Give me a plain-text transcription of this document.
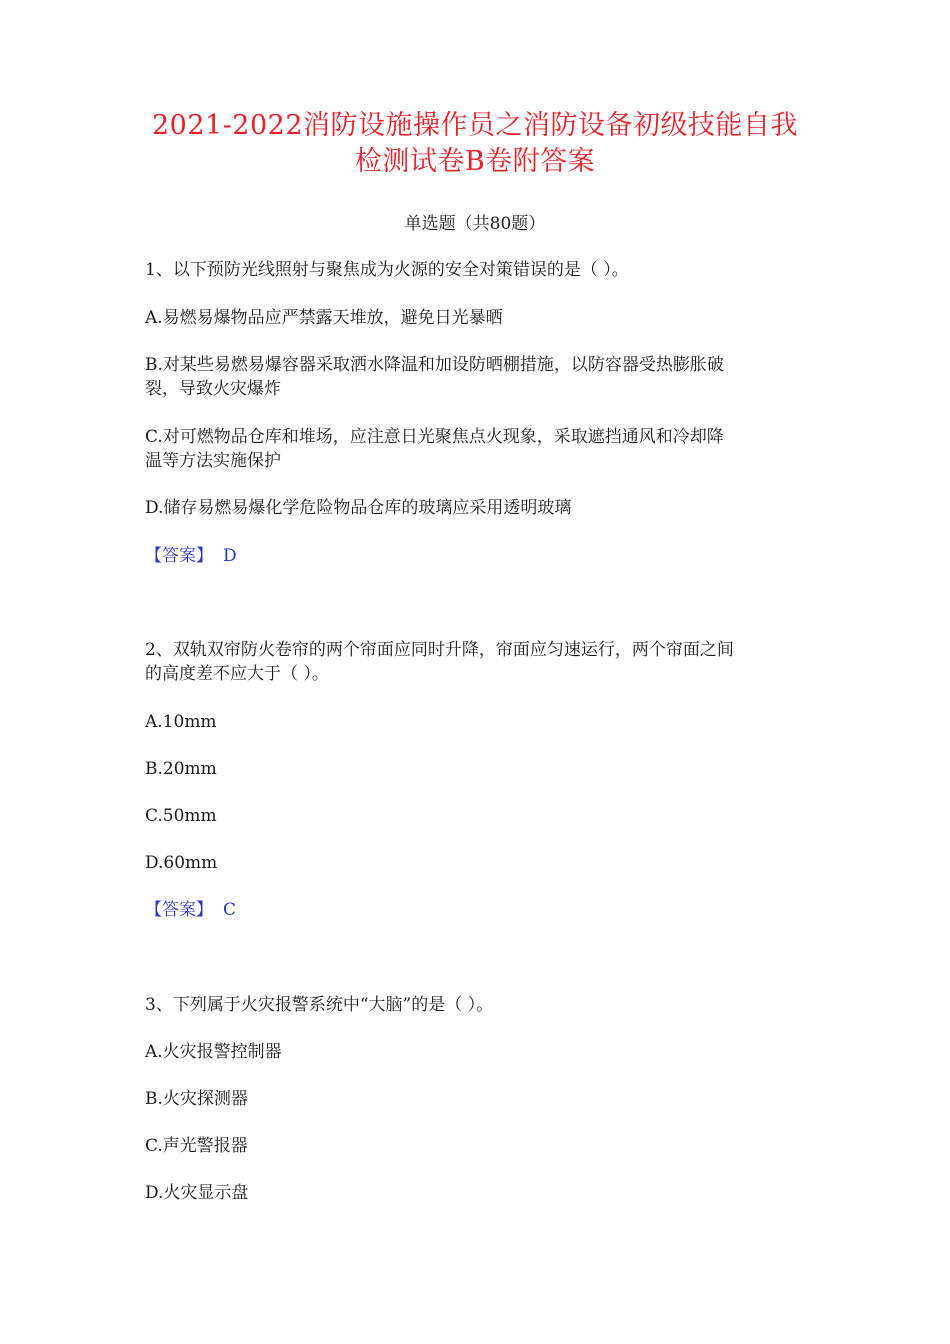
2021-2022消防设施操作员之消防设备初级技能自我
检测试卷B卷附答案
单选题（共80题）
1、以下预防光线照射与聚焦成为火源的安全对策错误的是（ ）。
A.易燃易爆物品应严禁露天堆放，避免日光暴晒
B.对某些易燃易爆容器采取洒水降温和加设防晒棚措施，以防容器受热膨胀破
裂，导致火灾爆炸
C.对可燃物品仓库和堆场，应注意日光聚焦点火现象，采取遮挡通风和冷却降
温等方法实施保护
D.储存易燃易爆化学危险物品仓库的玻璃应采用透明玻璃
【答案】 D
2、双轨双帘防火卷帘的两个帘面应同时升降，帘面应匀速运行，两个帘面之间
的高度差不应大于（ ）。
A.10mm
B.20mm
C.50mm
D.60mm
【答案】 C
3、下列属于火灾报警系统中“大脑”的是（ ）。
A.火灾报警控制器
B.火灾探测器
C.声光警报器
D.火灾显示盘
